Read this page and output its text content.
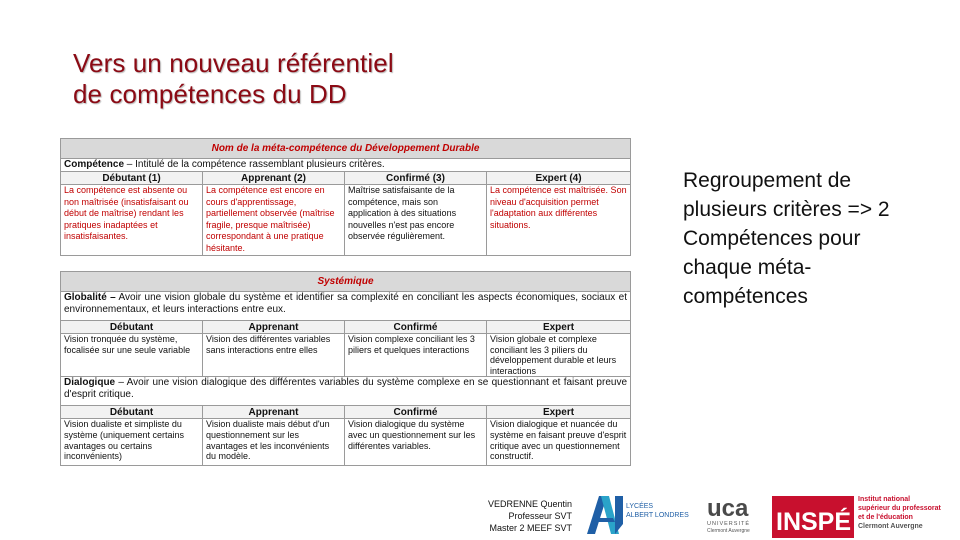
Vers un nouveau référentiel
de compétences du DD
Nom de la méta-compétence du Développement Durable			
Compétence – Intitulé de la compétence rassemblant plusieurs critères.			
Débutant (1)	Apprenant (2)	Confirmé (3)	Expert (4)
La compétence est absente ou non maîtrisée (insatisfaisant ou début de maîtrise) rendant les pratiques inadaptées et insatisfaisantes.	La compétence est encore en cours d'apprentissage, partiellement observée (maîtrise fragile, presque maîtrisée) correspondant à une pratique hésitante.	Maîtrise satisfaisante de la compétence, mais son application à des situations nouvelles n'est pas encore observée régulièrement.	La compétence est maîtrisée. Son niveau d'acquisition permet l'adaptation aux différentes situations.
Systémique			
Globalité – Avoir une vision globale du système et identifier sa complexité en conciliant les aspects économiques, sociaux et environnementaux, et leurs interactions entre eux.			
Débutant	Apprenant	Confirmé	Expert
Vision tronquée du système, focalisée sur une seule variable	Vision des différentes variables sans interactions entre elles	Vision complexe conciliant les 3 piliers et quelques interactions	Vision globale et complexe conciliant les 3 piliers du développement durable et leurs interactions
Dialogique – Avoir une vision dialogique des différentes variables du système complexe en se questionnant et faisant preuve d'esprit critique.			
Débutant	Apprenant	Confirmé	Expert
Vision dualiste et simpliste du système (uniquement certains avantages ou certains inconvénients)	Vision dualiste mais début d'un questionnement sur les avantages et les inconvénients du modèle.	Vision dialogique du système avec un questionnement sur les différentes variables.	Vision dialogique et nuancée du système en faisant preuve d'esprit critique avec un questionnement constructif.
Regroupement de plusieurs critères => 2 Compétences pour chaque méta-compétences
VEDRENNE Quentin
Professeur SVT
Master 2 MEEF SVT
LYCÉES
ALBERT LONDRES uca
UNIVERSITÉ
Clermont Auvergne INSPÉ
Institut national
supérieur du professorat
et de l'éducation
Clermont Auvergne
